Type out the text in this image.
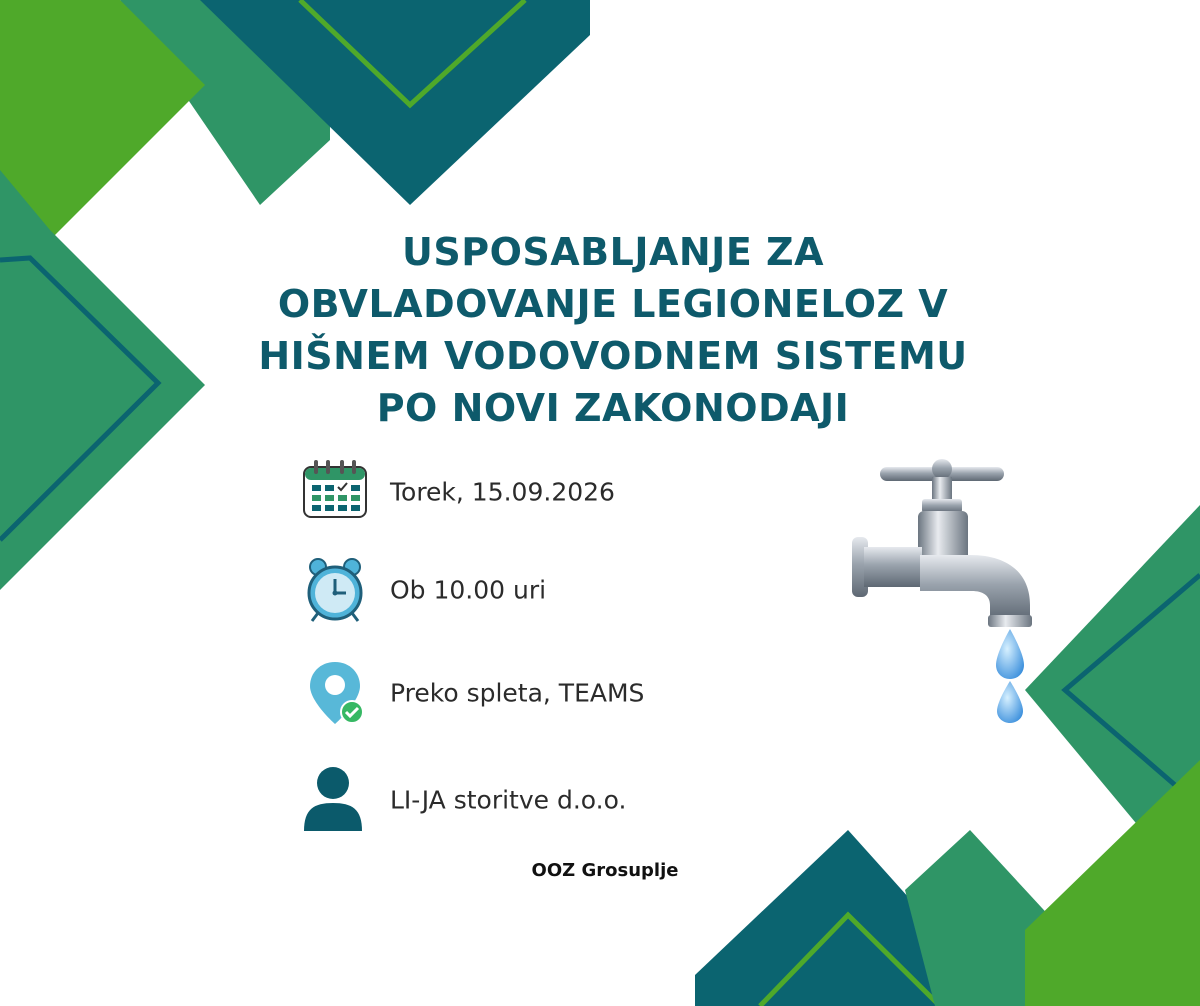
USPOSABLJANJE ZA
OBVLADOVANJE LEGIONELOZ V
HIŠNEM VODOVODNEM SISTEMU
PO NOVI ZAKONODAJI
Torek, 15.09.2026
Ob 10.00 uri
Preko spleta, TEAMS
LI-JA storitve d.o.o.
OOZ Grosuplje
